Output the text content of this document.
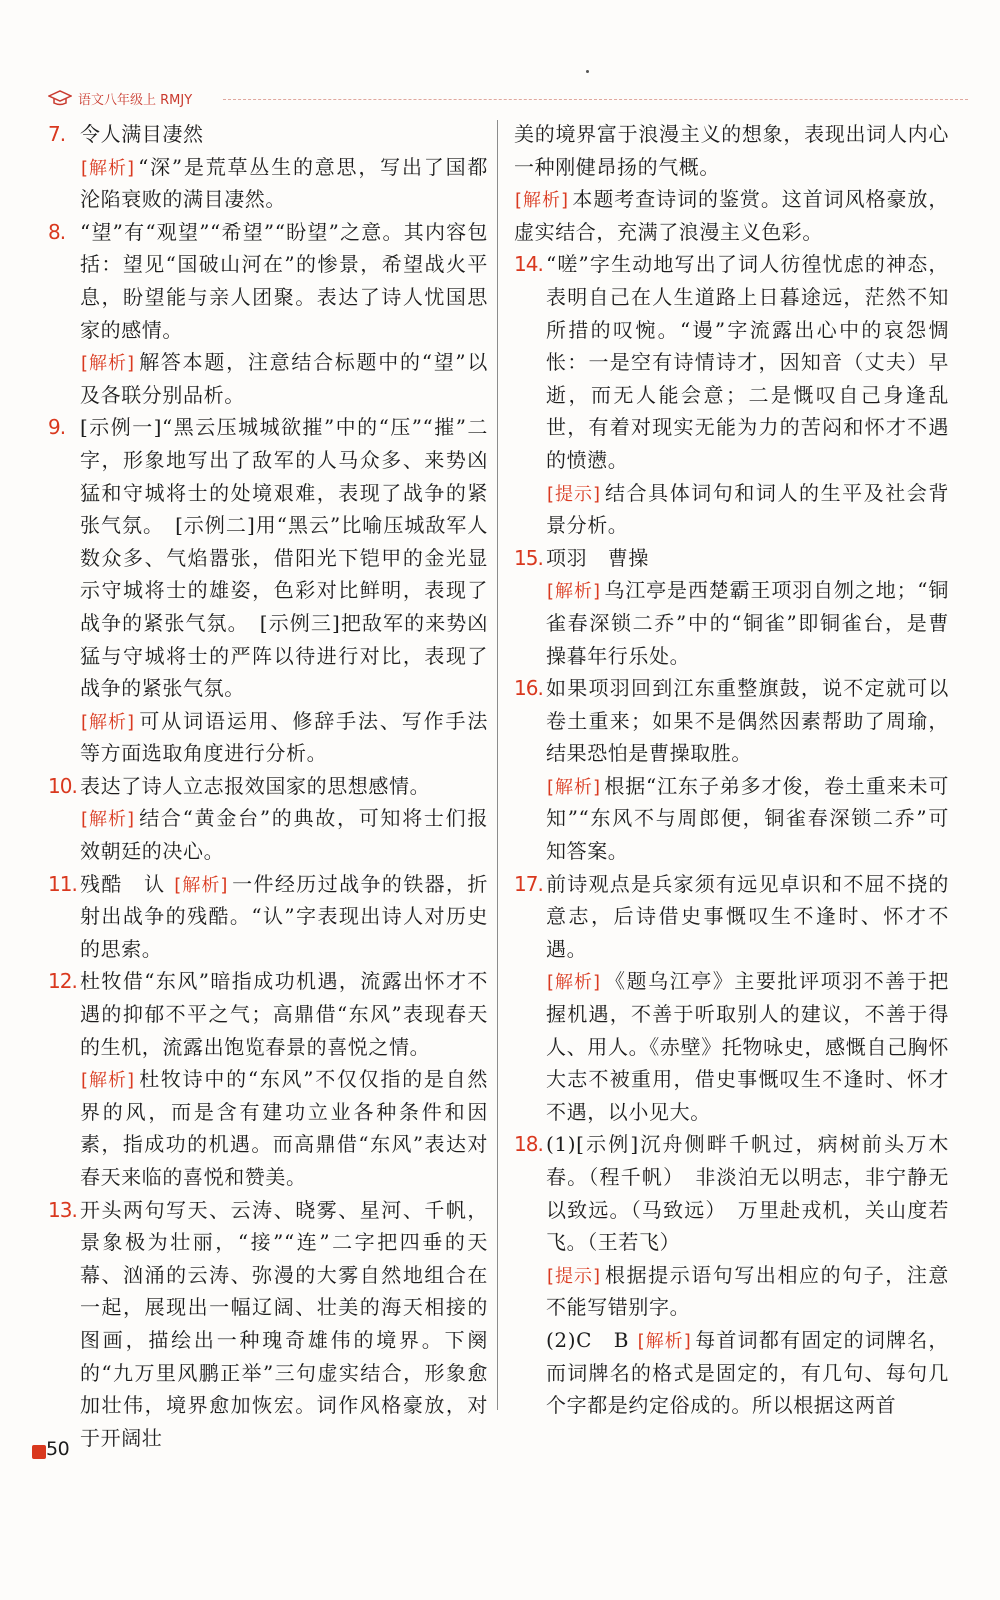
语文八年级上 RMJY
7. 令人满目凄然
[ 解析 ] “深”是荒草丛生的意思，写出了国都沦陷衰败的满目凄然。
8. “望”有“观望”“希望”“盼望”之意。其内容包括：望见“国破山河在”的惨景，希望战火平息，盼望能与亲人团聚。表达了诗人忧国思家的感情。
[ 解析 ] 解答本题，注意结合标题中的“望”以及各联分别品析。
9. [示例一]“黑云压城城欲摧”中的“压”“摧”二字，形象地写出了敌军的人马众多、来势凶猛和守城将士的处境艰难，表现了战争的紧张气氛。　[示例二]用“黑云”比喻压城敌军人数众多、气焰嚣张，借阳光下铠甲的金光显示守城将士的雄姿，色彩对比鲜明，表现了战争的紧张气氛。　[示例三]把敌军的来势凶猛与守城将士的严阵以待进行对比，表现了战争的紧张气氛。
[ 解析 ] 可从词语运用、修辞手法、写作手法等方面选取角度进行分析。
10. 表达了诗人立志报效国家的思想感情。
[ 解析 ] 结合“黄金台”的典故，可知将士们报效朝廷的决心。
11. 残酷　认 [ 解析 ] 一件经历过战争的铁器，折射出战争的残酷。“认”字表现出诗人对历史的思索。
12. 杜牧借“东风”暗指成功机遇，流露出怀才不遇的抑郁不平之气；高鼎借“东风”表现春天的生机，流露出饱览春景的喜悦之情。
[ 解析 ] 杜牧诗中的“东风”不仅仅指的是自然界的风，而是含有建功立业各种条件和因素，指成功的机遇。而高鼎借“东风”表达对春天来临的喜悦和赞美。
13. 开头两句写天、云涛、晓雾、星河、千帆，景象极为壮丽，“接”“连”二字把四垂的天幕、汹涌的云涛、弥漫的大雾自然地组合在一起，展现出一幅辽阔、壮美的海天相接的图画，描绘出一种瑰奇雄伟的境界。下阕的“九万里风鹏正举”三句虚实结合，形象愈加壮伟，境界愈加恢宏。词作风格豪放，对于开阔壮
美的境界富于浪漫主义的想象，表现出词人内心一种刚健昂扬的气概。
[ 解析 ] 本题考查诗词的鉴赏。这首词风格豪放，虚实结合，充满了浪漫主义色彩。
14. “嗟”字生动地写出了词人彷徨忧虑的神态，表明自己在人生道路上日暮途远，茫然不知所措的叹惋。“谩”字流露出心中的哀怨惆怅：一是空有诗情诗才，因知音（丈夫）早逝，而无人能会意；二是慨叹自己身逢乱世，有着对现实无能为力的苦闷和怀才不遇的愤懑。
[ 提示 ] 结合具体词句和词人的生平及社会背景分析。
15. 项羽　曹操
[ 解析 ] 乌江亭是西楚霸王项羽自刎之地；“铜雀春深锁二乔”中的“铜雀”即铜雀台，是曹操暮年行乐处。
16. 如果项羽回到江东重整旗鼓，说不定就可以卷土重来；如果不是偶然因素帮助了周瑜，结果恐怕是曹操取胜。
[ 解析 ] 根据“江东子弟多才俊，卷土重来未可知”“东风不与周郎便，铜雀春深锁二乔”可知答案。
17. 前诗观点是兵家须有远见卓识和不屈不挠的意志，后诗借史事慨叹生不逢时、怀才不遇。
[ 解析 ] 《题乌江亭》主要批评项羽不善于把握机遇，不善于听取别人的建议，不善于得人、用人。《赤壁》托物咏史，感慨自己胸怀大志不被重用，借史事慨叹生不逢时、怀才不遇，以小见大。
18. (1)[示例]沉舟侧畔千帆过，病树前头万木春。（程千帆）　非淡泊无以明志，非宁静无以致远。（马致远）　万里赴戎机，关山度若飞。（王若飞）
[ 提示 ] 根据提示语句写出相应的句子，注意不能写错别字。
(2)C　B [ 解析 ] 每首词都有固定的词牌名，而词牌名的格式是固定的，有几句、每句几个字都是约定俗成的。所以根据这两首
50
